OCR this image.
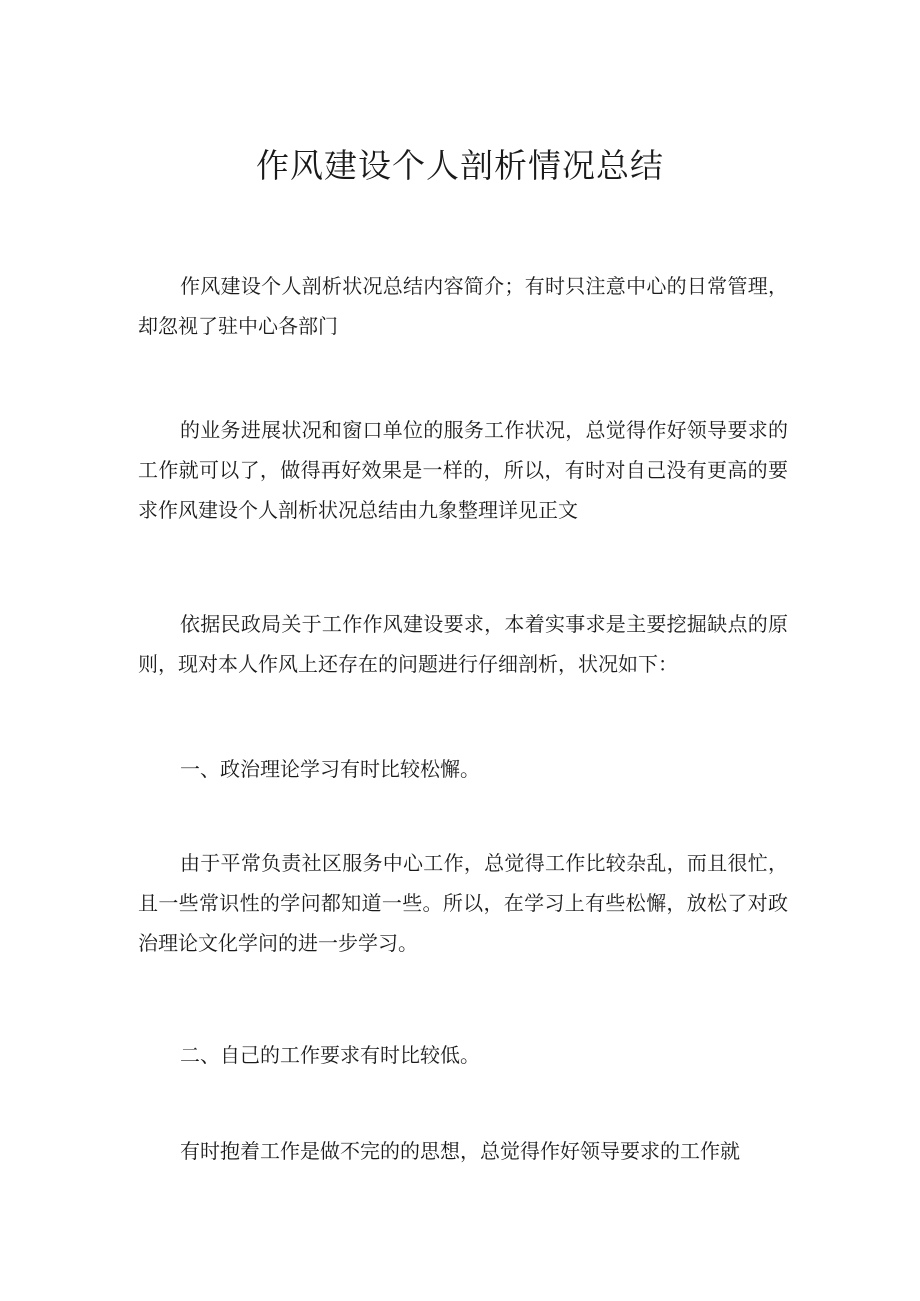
作风建设个人剖析情况总结

作风建设个人剖析状况总结内容简介；有时只注意中心的日常管理，却忽视了驻中心各部门

的业务进展状况和窗口单位的服务工作状况，总觉得作好领导要求的工作就可以了，做得再好效果是一样的，所以，有时对自己没有更高的要求作风建设个人剖析状况总结由九象整理详见正文

依据民政局关于工作作风建设要求，本着实事求是主要挖掘缺点的原则，现对本人作风上还存在的问题进行仔细剖析，状况如下：

一、政治理论学习有时比较松懈。

由于平常负责社区服务中心工作，总觉得工作比较杂乱，而且很忙，且一些常识性的学问都知道一些。所以，在学习上有些松懈，放松了对政治理论文化学问的进一步学习。

二、自己的工作要求有时比较低。

有时抱着工作是做不完的的思想，总觉得作好领导要求的工作就
